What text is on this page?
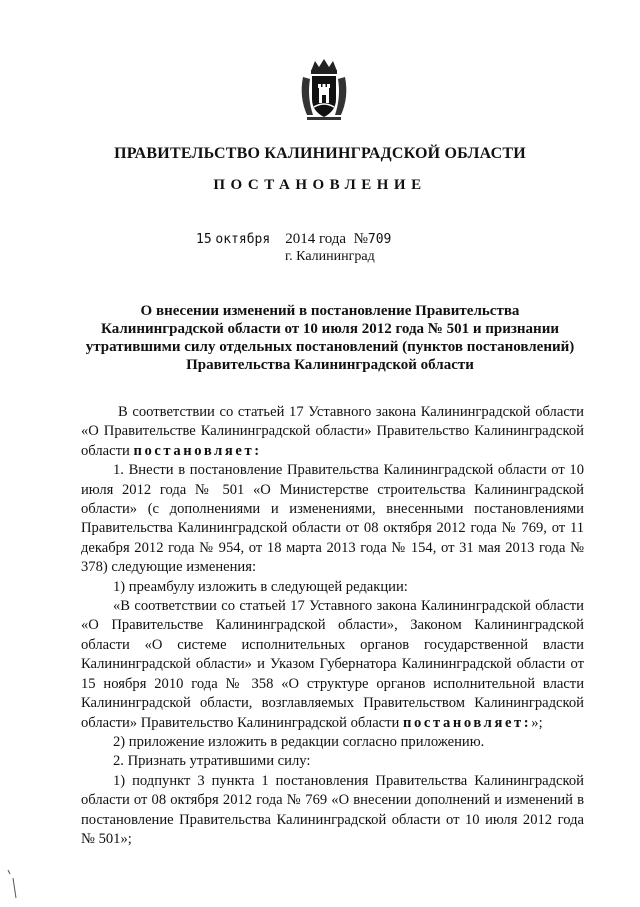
ПРАВИТЕЛЬСТВО КАЛИНИНГРАДСКОЙ ОБЛАСТИ
ПОСТАНОВЛЕНИЕ
15 октября 2014 года №709
г. Калининград
О внесении изменений в постановление Правительства
Калининградской области от 10 июля 2012 года № 501 и признании
утратившими силу отдельных постановлений (пунктов постановлений)
Правительства Калининградской области

В соответствии со статьей 17 Уставного закона Калининградской области «О Правительстве Калининградской области» Правительство Калининградской области постановляет:

1. Внести в постановление Правительства Калининградской области от 10 июля 2012 года № 501 «О Министерстве строительства Калининградской области» (с дополнениями и изменениями, внесенными постановлениями Правительства Калининградской области от 08 октября 2012 года № 769, от 11 декабря 2012 года № 954, от 18 марта 2013 года № 154, от 31 мая 2013 года № 378) следующие изменения:

1) преамбулу изложить в следующей редакции:

«В соответствии со статьей 17 Уставного закона Калининградской области «О Правительстве Калининградской области», Законом Калининградской области «О системе исполнительных органов государственной власти Калининградской области» и Указом Губернатора Калининградской области от 15 ноября 2010 года № 358 «О структуре органов исполнительной власти Калининградской области, возглавляемых Правительством Калининградской области» Правительство Калининградской области постановляет:»;

2) приложение изложить в редакции согласно приложению.

2. Признать утратившими силу:

1) подпункт 3 пункта 1 постановления Правительства Калининградской области от 08 октября 2012 года № 769 «О внесении дополнений и изменений в постановление Правительства Калининградской области от 10 июля 2012 года № 501»;
